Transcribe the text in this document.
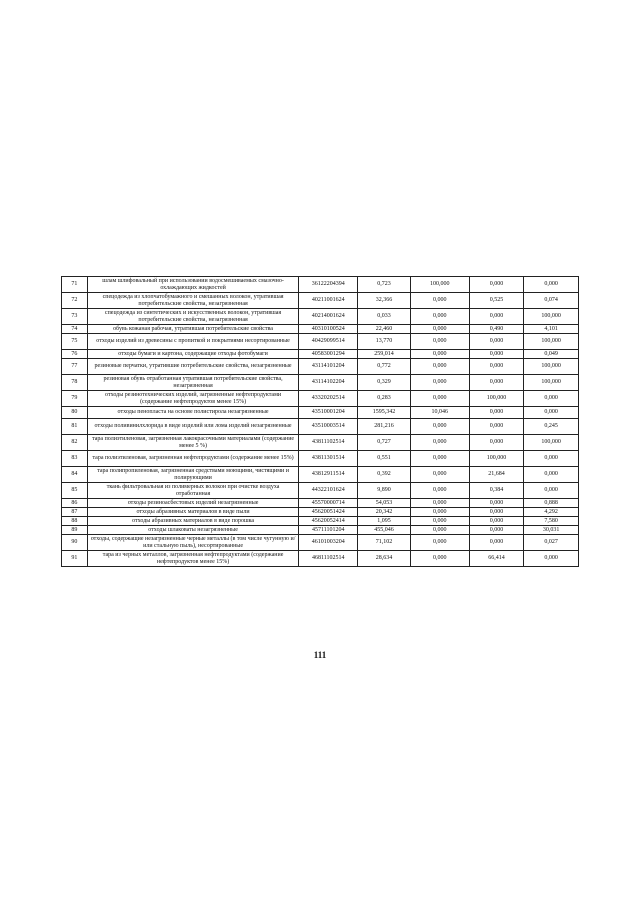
71	шлам шлифовальный при использовании водосмешиваемых смазочно-охлаждающих жидкостей	36122204394	0,723	100,000	0,000	0,000
72	спецодежда из хлопчатобумажного и смешанных волокон, утратившая потребительские свойства, незагрязненная	40211001624	32,366	0,000	0,525	0,074
73	спецодежда из синтетических и искусственных волокон, утратившая потребительские свойства, незагрязненная	40214001624	0,033	0,000	0,000	100,000
74	обувь кожаная рабочая, утратившая потребительские свойства	40310100524	22,460	0,000	0,490	4,101
75	отходы изделий из древесины с пропиткой и покрытиями несортированные	40429099514	13,770	0,000	0,000	100,000
76	отходы бумаги и картона, содержащие отходы фотобумаги	40583001294	259,014	0,000	0,000	0,049
77	резиновые перчатки, утратившие потребительские свойства, незагрязненные	43114101204	0,772	0,000	0,000	100,000
78	резиновая обувь отработанная утратившая потребительские свойства, незагрязненная	43114102204	0,329	0,000	0,000	100,000
79	отходы резинотехнических изделий, загрязненные нефтепродуктами (содержание нефтепродуктов менее 15%)	43320202514	0,283	0,000	100,000	0,000
80	отходы пенопласта на основе полистирола незагрязненные	43510001204	1595,342	10,046	0,000	0,000
81	отходы поливинилхлорида в виде изделий или лома изделий незагрязненные	43510003514	281,216	0,000	0,000	0,245
82	тара полиэтиленовая, загрязненная лакокрасочными материалами (содержание менее 5 %)	43811102514	0,727	0,000	0,000	100,000
83	тара полиэтиленовая, загрязненная нефтепродуктами (содержание менее 15%)	43811301514	0,551	0,000	100,000	0,000
84	тара полипропиленовая, загрязненная средствами моющими, чистящими и полирующими	43812911514	0,392	0,000	21,684	0,000
85	ткань фильтровальная из полимерных волокон при очистке воздуха отработанная	44322101624	9,890	0,000	0,384	0,000
86	отходы резиноасбестовых изделий незагрязненные	45570000714	54,053	0,000	0,000	0,888
87	отходы абразивных материалов в виде пыли	45620051424	20,342	0,000	0,000	4,292
88	отходы абразивных материалов в виде порошка	45620052414	1,095	0,000	0,000	7,580
89	отходы шлаковаты незагрязненные	45711101204	455,046	0,000	0,000	30,031
90	отходы, содержащие незагрязненные черные металлы (в том числе чугунную и/или стальную пыль), несортированные	46101003204	71,102	0,000	0,000	0,027
91	тара из черных металлов, загрязненная нефтепродуктами (содержание нефтепродуктов менее 15%)	46811102514	28,634	0,000	66,414	0,000
111
